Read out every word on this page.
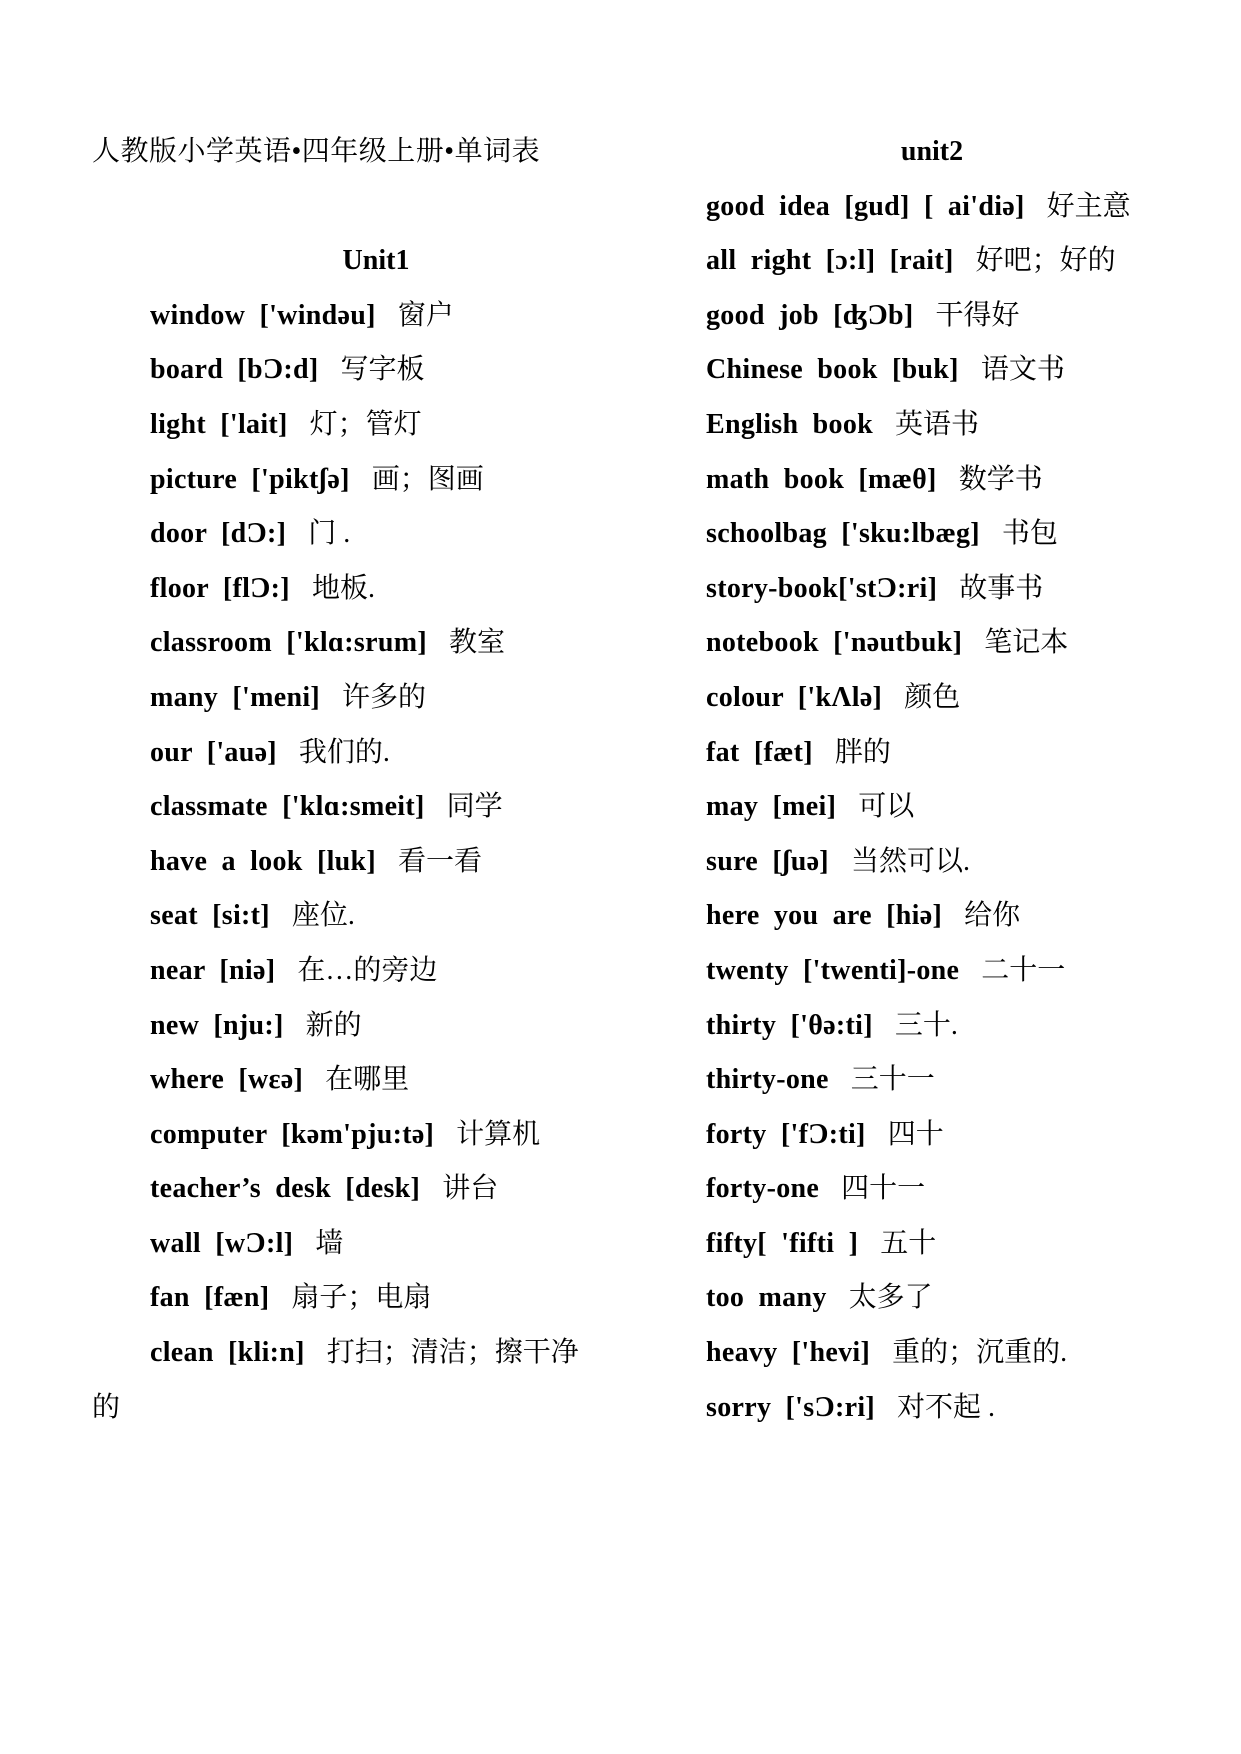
人教版小学英语•四年级上册•单词表
Unit1
window ['windəu] 窗户
board [bƆ:d] 写字板
light ['lait] 灯；管灯
picture ['piktʃə] 画；图画
door [dƆ:] 门 .
floor [flƆ:] 地板.
classroom ['klɑ:srum] 教室
many ['meni] 许多的
our ['auə] 我们的.
classmate ['klɑ:smeit] 同学
have a look [luk] 看一看
seat [si:t] 座位.
near [niə] 在…的旁边
new [nju:] 新的
where [wεə] 在哪里
computer [kəm'pju:tə] 计算机
teacher’s desk [desk] 讲台
wall [wƆ:l] 墙
fan [fæn] 扇子；电扇
clean [kli:n] 打扫；清洁；擦干净
的
unit2
good idea [gud] [ ai'diə] 好主意
all right [ɔ:l] [rait] 好吧；好的
good job [ʤƆb] 干得好
Chinese book [buk] 语文书
English book 英语书
math book [mæθ] 数学书
schoolbag ['sku:lbæg] 书包
story-book['stƆ:ri] 故事书
notebook ['nəutbuk] 笔记本
colour ['kΛlə] 颜色
fat [fæt] 胖的
may [mei] 可以
sure [ʃuə] 当然可以.
here you are [hiə] 给你
twenty ['twenti]-one 二十一
thirty ['θə:ti] 三十.
thirty-one 三十一
forty ['fƆ:ti] 四十
forty-one 四十一
fifty[ 'fifti ] 五十
too many 太多了
heavy ['hevi] 重的；沉重的.
sorry ['sƆ:ri] 对不起 .
